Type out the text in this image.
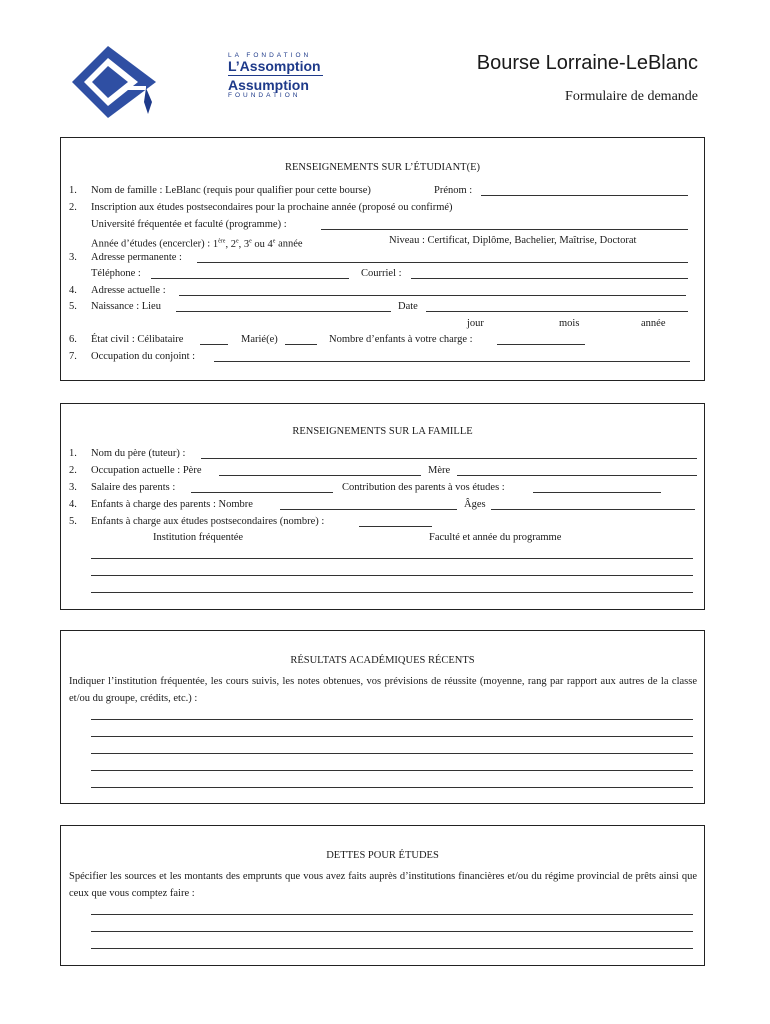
LA FONDATION
L’Assomption
Assumption
FOUNDATION
Bourse Lorraine-LeBlanc
Formulaire de demande
RENSEIGNEMENTS SUR L’ÉTUDIANT(E)
1. Nom de famille : LeBlanc (requis pour qualifier pour cette bourse)	Prénom :
2. Inscription aux études postsecondaires pour la prochaine année (proposé ou confirmé)
Université fréquentée et faculté (programme) :
Année d’études (encercler) : 1ère, 2e, 3e ou 4e année	Niveau : Certificat, Diplôme, Bachelier, Maîtrise, Doctorat
3. Adresse permanente :
Téléphone :	Courriel :
4. Adresse actuelle :
5. Naissance : Lieu	Date
jour	mois	année
6. État civil : Célibataire	Marié(e)	Nombre d’enfants à votre charge :
7. Occupation du conjoint :
RENSEIGNEMENTS SUR LA FAMILLE
1. Nom du père (tuteur) :
2. Occupation actuelle : Père	Mère
3. Salaire des parents :	Contribution des parents à vos études :
4. Enfants à charge des parents : Nombre	Âges
5. Enfants à charge aux études postsecondaires (nombre) :
Institution fréquentée	Faculté et année du programme
RÉSULTATS ACADÉMIQUES RÉCENTS
Indiquer l’institution fréquentée, les cours suivis, les notes obtenues, vos prévisions de réussite (moyenne, rang par rapport aux autres de la classe et/ou du groupe, crédits, etc.) :
DETTES POUR ÉTUDES
Spécifier les sources et les montants des emprunts que vous avez faits auprès d’institutions financières et/ou du régime provincial de prêts ainsi que ceux que vous comptez faire :
